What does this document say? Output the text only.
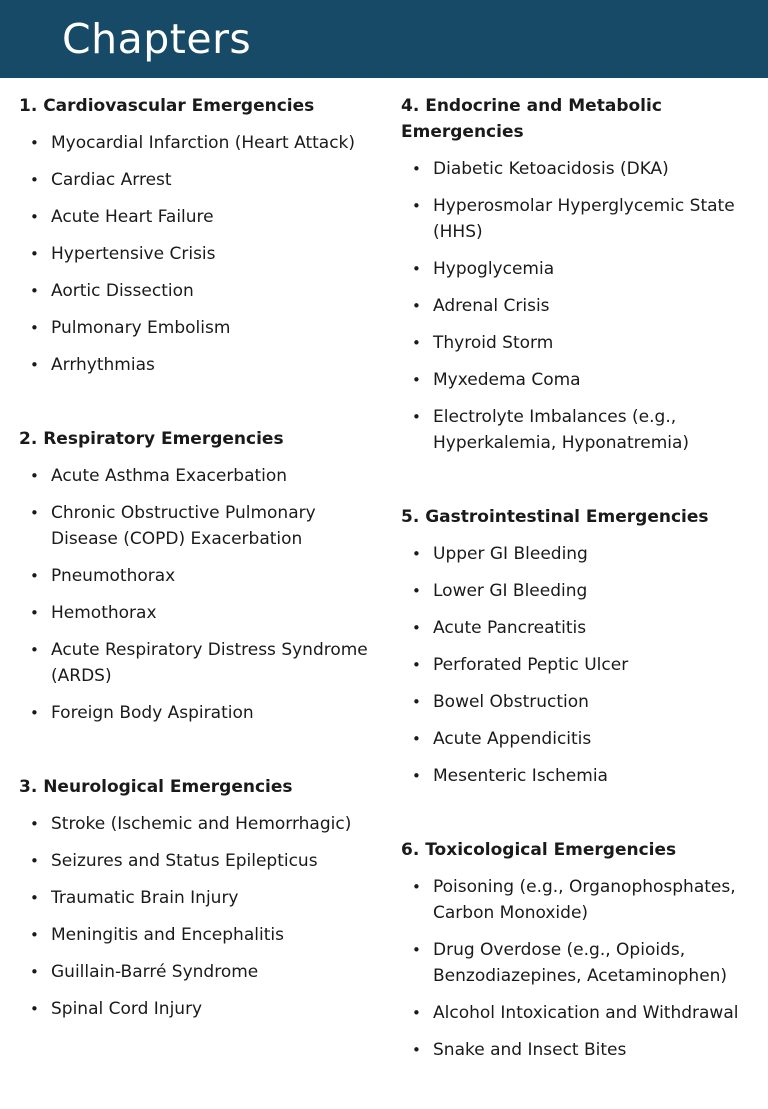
Chapters
1. Cardiovascular Emergencies
• Myocardial Infarction (Heart Attack)
• Cardiac Arrest
• Acute Heart Failure
• Hypertensive Crisis
• Aortic Dissection
• Pulmonary Embolism
• Arrhythmias
2. Respiratory Emergencies
• Acute Asthma Exacerbation
• Chronic Obstructive Pulmonary Disease (COPD) Exacerbation
• Pneumothorax
• Hemothorax
• Acute Respiratory Distress Syndrome (ARDS)
• Foreign Body Aspiration
3. Neurological Emergencies
• Stroke (Ischemic and Hemorrhagic)
• Seizures and Status Epilepticus
• Traumatic Brain Injury
• Meningitis and Encephalitis
• Guillain-Barré Syndrome
• Spinal Cord Injury
4. Endocrine and Metabolic Emergencies
• Diabetic Ketoacidosis (DKA)
• Hyperosmolar Hyperglycemic State (HHS)
• Hypoglycemia
• Adrenal Crisis
• Thyroid Storm
• Myxedema Coma
• Electrolyte Imbalances (e.g., Hyperkalemia, Hyponatremia)
5. Gastrointestinal Emergencies
• Upper GI Bleeding
• Lower GI Bleeding
• Acute Pancreatitis
• Perforated Peptic Ulcer
• Bowel Obstruction
• Acute Appendicitis
• Mesenteric Ischemia
6. Toxicological Emergencies
• Poisoning (e.g., Organophosphates, Carbon Monoxide)
• Drug Overdose (e.g., Opioids, Benzodiazepines, Acetaminophen)
• Alcohol Intoxication and Withdrawal
• Snake and Insect Bites
